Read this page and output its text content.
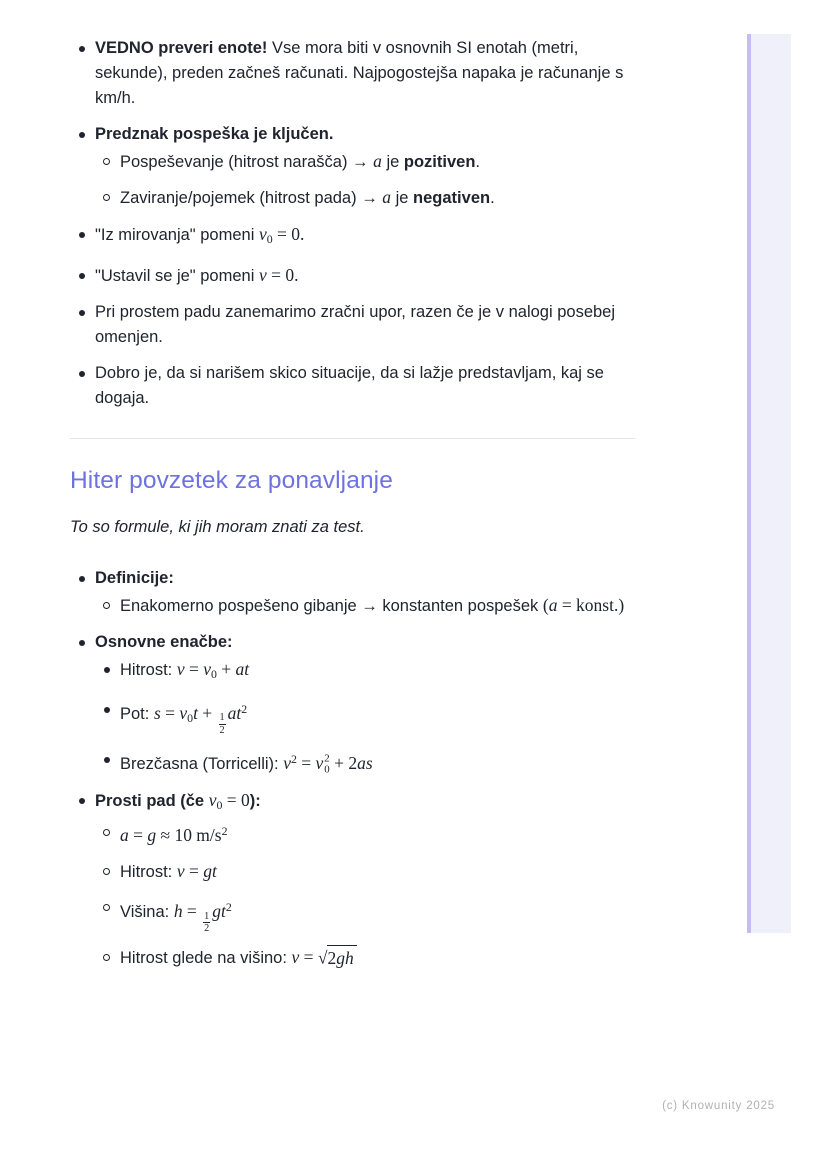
VEDNO preveri enote! Vse mora biti v osnovnih SI enotah (metri, sekunde), preden začneš računati. Najpogostejša napaka je računanje s km/h.
Predznak pospeška je ključen.
Pospeševanje (hitrost narašča) → a je pozitiven.
Zaviranje/pojemek (hitrost pada) → a je negativen.
"Iz mirovanja" pomeni v0 = 0.
"Ustavil se je" pomeni v = 0.
Pri prostem padu zanemarimo zračni upor, razen če je v nalogi posebej omenjen.
Dobro je, da si narišem skico situacije, da si lažje predstavljam, kaj se dogaja.
Hiter povzetek za ponavljanje

To so formule, ki jih moram znati za test.

Definicije:
Enakomerno pospešeno gibanje → konstanten pospešek (a = konst.)
Osnovne enačbe:
Hitrost: v = v0 + at
Pot: $s = v0t + \frac{1}{2} at^2$
Brezčasna (Torricelli): $v^2 = v$ 2
0 + 2as
Prosti pad (če v0 = 0):
a = g ≈ 10 $m/s^2$
Hitrost: v = gt
Višina: $h = \frac{1}{2} gt^2$
Hitrost glede na višino: v = √ 2gh
(c) Knowunity 2025
